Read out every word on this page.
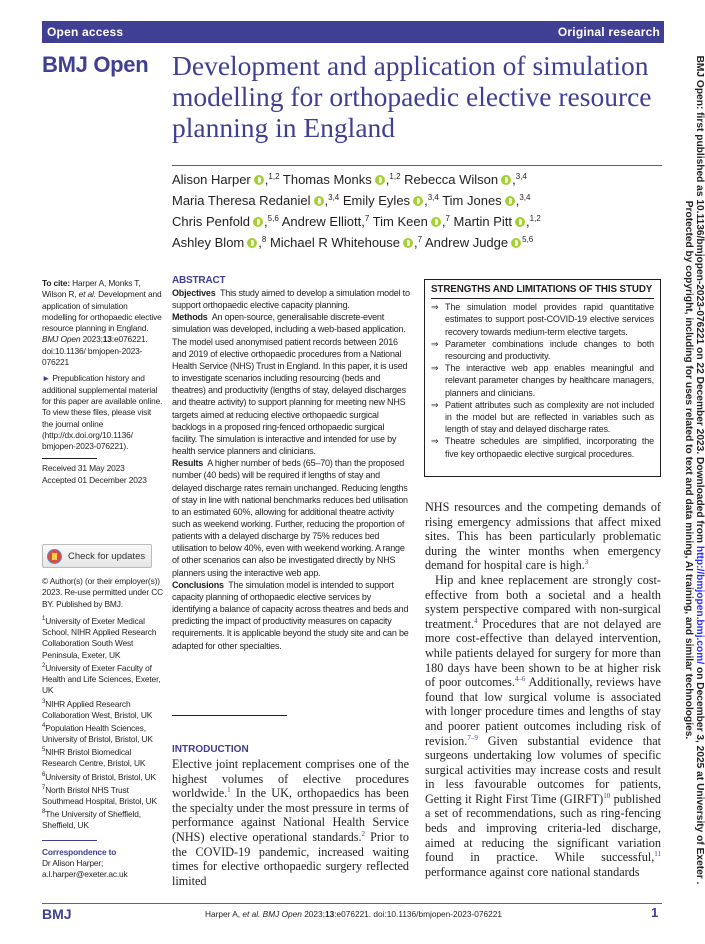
Open access	Original research
BMJ Open Development and application of simulation modelling for orthopaedic elective resource planning in England
Alison Harper ,$^{1,2}$ Thomas Monks ,$^{1,2}$ Rebecca Wilson ,$^{3,4}$
Maria Theresa Redaniel ,$^{3,4}$ Emily Eyles ,$^{3,4}$ Tim Jones ,$^{3,4}$
Chris Penfold ,$^{5,6}$ Andrew Elliott,$^7$ Tim Keen ,$^7$ Martin Pitt ,$^{1,2}$
Ashley Blom ,$^8$ Michael R Whitehouse ,$^7$ Andrew Judge $^{5,6}$
To cite: Harper A, Monks T, Wilson R, et al. Development and application of simulation modelling for orthopaedic elective resource planning in England. BMJ Open 2023;13:e076221. doi:10.1136/ bmjopen-2023-076221
► Prepublication history and additional supplemental material for this paper are available online. To view these files, please visit the journal online (http://dx.doi.org/10.1136/ bmjopen-2023-076221).
Received 31 May 2023
Accepted 01 December 2023
Check for updates
© Author(s) (or their employer(s)) 2023. Re-use permitted under CC BY. Published by BMJ.
$^1$University of Exeter Medical School, NIHR Applied Research Collaboration South West Peninsula, Exeter, UK
$^2$University of Exeter Faculty of Health and Life Sciences, Exeter, UK
$^3$NIHR Applied Research Collaboration West, Bristol, UK
$^4$Population Health Sciences, University of Bristol, Bristol, UK
$^5$NIHR Bristol Biomedical Research Centre, Bristol, UK
$^6$University of Bristol, Bristol, UK
$^7$North Bristol NHS Trust Southmead Hospital, Bristol, UK
$^8$The University of Sheffield, Sheffield, UK
Correspondence to
Dr Alison Harper;
a.l.harper@exeter.ac.uk
ABSTRACT

Objectives This study aimed to develop a simulation model to support orthopaedic elective capacity planning.

Methods An open-source, generalisable discrete-event simulation was developed, including a web-based application. The model used anonymised patient records between 2016 and 2019 of elective orthopaedic procedures from a National Health Service (NHS) Trust in England. In this paper, it is used to investigate scenarios including resourcing (beds and theatres) and productivity (lengths of stay, delayed discharges and theatre activity) to support planning for meeting new NHS targets aimed at reducing elective orthopaedic surgical backlogs in a proposed ring-fenced orthopaedic surgical facility. The simulation is interactive and intended for use by health service planners and clinicians.

Results A higher number of beds (65–70) than the proposed number (40 beds) will be required if lengths of stay and delayed discharge rates remain unchanged. Reducing lengths of stay in line with national benchmarks reduces bed utilisation to an estimated 60%, allowing for additional theatre activity such as weekend working. Further, reducing the proportion of patients with a delayed discharge by 75% reduces bed utilisation to below 40%, even with weekend working. A range of other scenarios can also be investigated directly by NHS planners using the interactive web app.

Conclusions The simulation model is intended to support capacity planning of orthopaedic elective services by identifying a balance of capacity across theatres and beds and predicting the impact of productivity measures on capacity requirements. It is applicable beyond the study site and can be adapted for other specialties.

STRENGTHS AND LIMITATIONS OF THIS STUDY
⇒ The simulation model provides rapid quantitative estimates to support post-COVID-19 elective services recovery towards medium-term elective targets.
⇒ Parameter combinations include changes to both resourcing and productivity.
⇒ The interactive web app enables meaningful and relevant parameter changes by healthcare managers, planners and clinicians.
⇒ Patient attributes such as complexity are not included in the model but are reflected in variables such as length of stay and delayed discharge rates.
⇒ Theatre schedules are simplified, incorporating the five key orthopaedic elective surgical procedures.
INTRODUCTION

Elective joint replacement comprises one of the highest volumes of elective procedures worldwide.$^1$ In the UK, orthopaedics has been the specialty under the most pressure in terms of performance against National Health Service (NHS) elective operational standards.$^2$ Prior to the COVID-19 pandemic, increased waiting times for elective orthopaedic surgery reflected limited

NHS resources and the competing demands of rising emergency admissions that affect mixed sites. This has been particularly problematic during the winter months when emergency demand for hospital care is high.$^3$

Hip and knee replacement are strongly cost-effective from both a societal and a health system perspective compared with non-surgical treatment.$^4$ Procedures that are not delayed are more cost-effective than delayed intervention, while patients delayed for surgery for more than 180 days have been shown to be at higher risk of poor outcomes.$^{4-6}$ Additionally, reviews have found that low surgical volume is associated with longer procedure times and lengths of stay and poorer patient outcomes including risk of revision.$^{7-9}$ Given substantial evidence that surgeons undertaking low volumes of specific surgical activities may increase costs and result in less favourable outcomes for patients, Getting it Right First Time (GIRFT)$^{10}$ published a set of recommendations, such as ring-fencing beds and improving criteria-led discharge, aimed at reducing the significant variation found in practice. While successful,$^{11}$ performance against core national standards

BMJ	Harper A, et al. BMJ Open 2023;13:e076221. doi:10.1136/bmjopen-2023-076221	1
BMJ Open: first published as 10.1136/bmjopen-2023-076221 on 22 December 2023. Downloaded from http://bmjopen.bmj.com/ on December 3, 2025 at University of Exeter .
Protected by copyright, including for uses related to text and data mining, AI training, and similar technologies.
